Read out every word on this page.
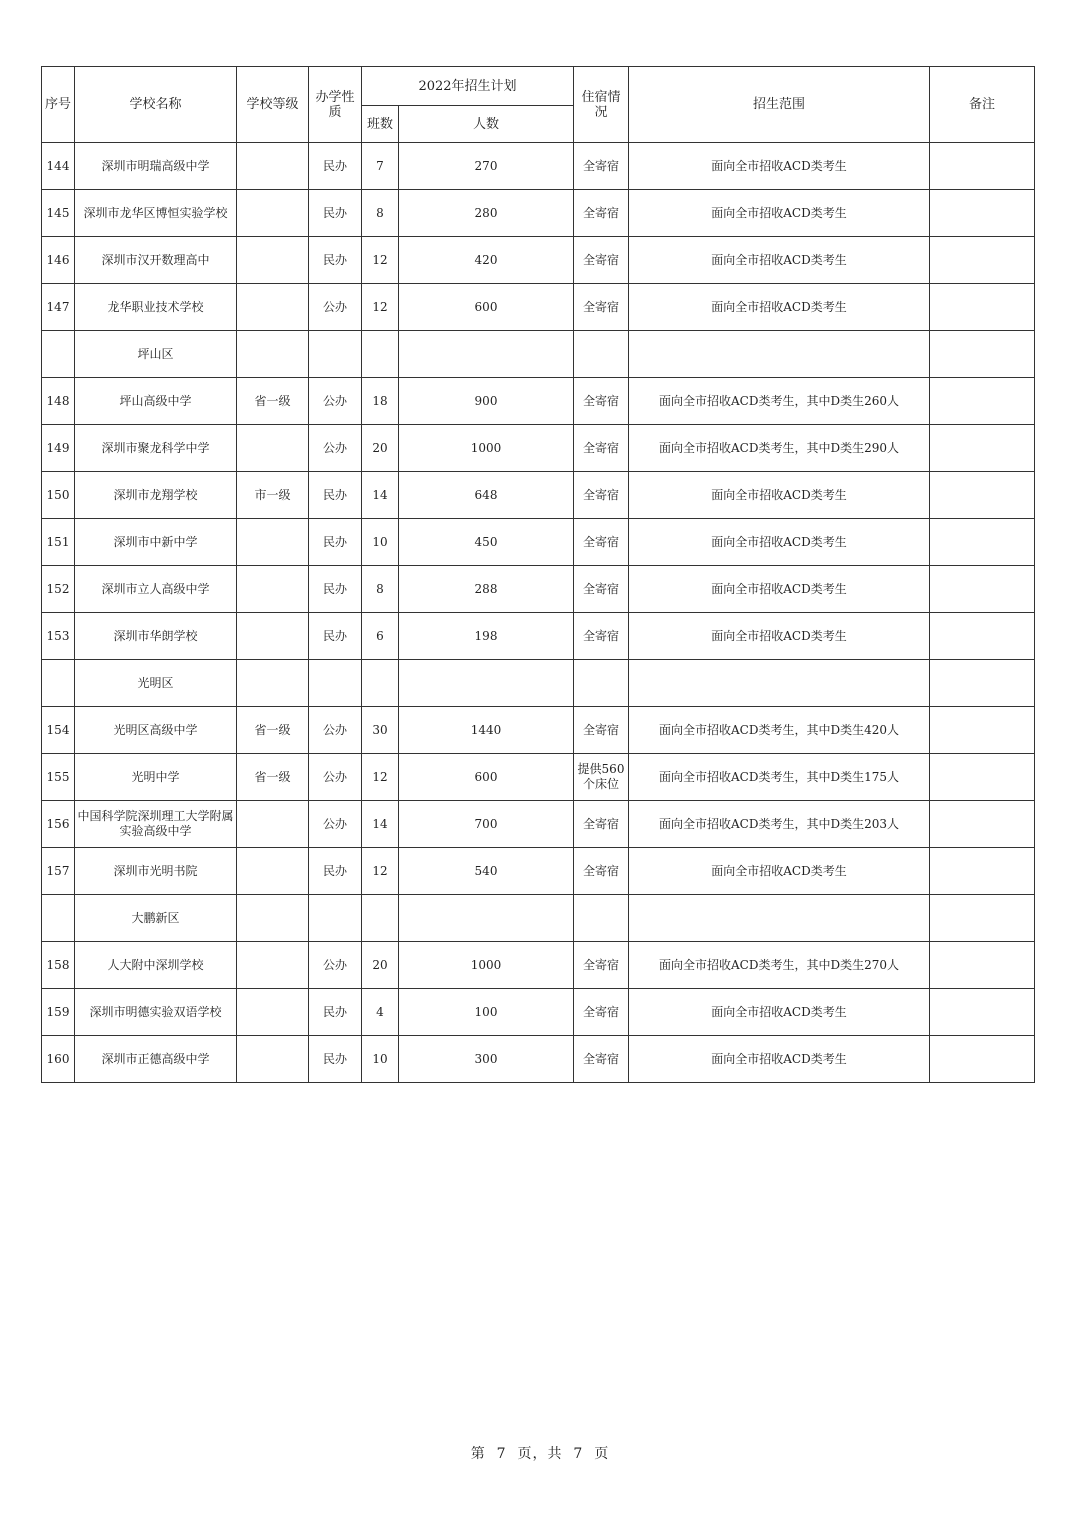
序号	学校名称	学校等级	办学性质	2022年招生计划		住宿情况	招生范围	备注
				班数	人数			
144	深圳市明瑞高级中学		民办	7	270	全寄宿	面向全市招收ACD类考生	
145	深圳市龙华区博恒实验学校		民办	8	280	全寄宿	面向全市招收ACD类考生	
146	深圳市汉开数理高中		民办	12	420	全寄宿	面向全市招收ACD类考生	
147	龙华职业技术学校		公办	12	600	全寄宿	面向全市招收ACD类考生	
	坪山区							
148	坪山高级中学	省一级	公办	18	900	全寄宿	面向全市招收ACD类考生，其中D类生260人	
149	深圳市聚龙科学中学		公办	20	1000	全寄宿	面向全市招收ACD类考生，其中D类生290人	
150	深圳市龙翔学校	市一级	民办	14	648	全寄宿	面向全市招收ACD类考生	
151	深圳市中新中学		民办	10	450	全寄宿	面向全市招收ACD类考生	
152	深圳市立人高级中学		民办	8	288	全寄宿	面向全市招收ACD类考生	
153	深圳市华朗学校		民办	6	198	全寄宿	面向全市招收ACD类考生	
	光明区							
154	光明区高级中学	省一级	公办	30	1440	全寄宿	面向全市招收ACD类考生，其中D类生420人	
155	光明中学	省一级	公办	12	600	提供560个床位	面向全市招收ACD类考生，其中D类生175人	
156	中国科学院深圳理工大学附属实验高级中学		公办	14	700	全寄宿	面向全市招收ACD类考生，其中D类生203人	
157	深圳市光明书院		民办	12	540	全寄宿	面向全市招收ACD类考生	
	大鹏新区							
158	人大附中深圳学校		公办	20	1000	全寄宿	面向全市招收ACD类考生，其中D类生270人	
159	深圳市明德实验双语学校		民办	4	100	全寄宿	面向全市招收ACD类考生	
160	深圳市正德高级中学		民办	10	300	全寄宿	面向全市招收ACD类考生	
第 7 页，共 7 页
